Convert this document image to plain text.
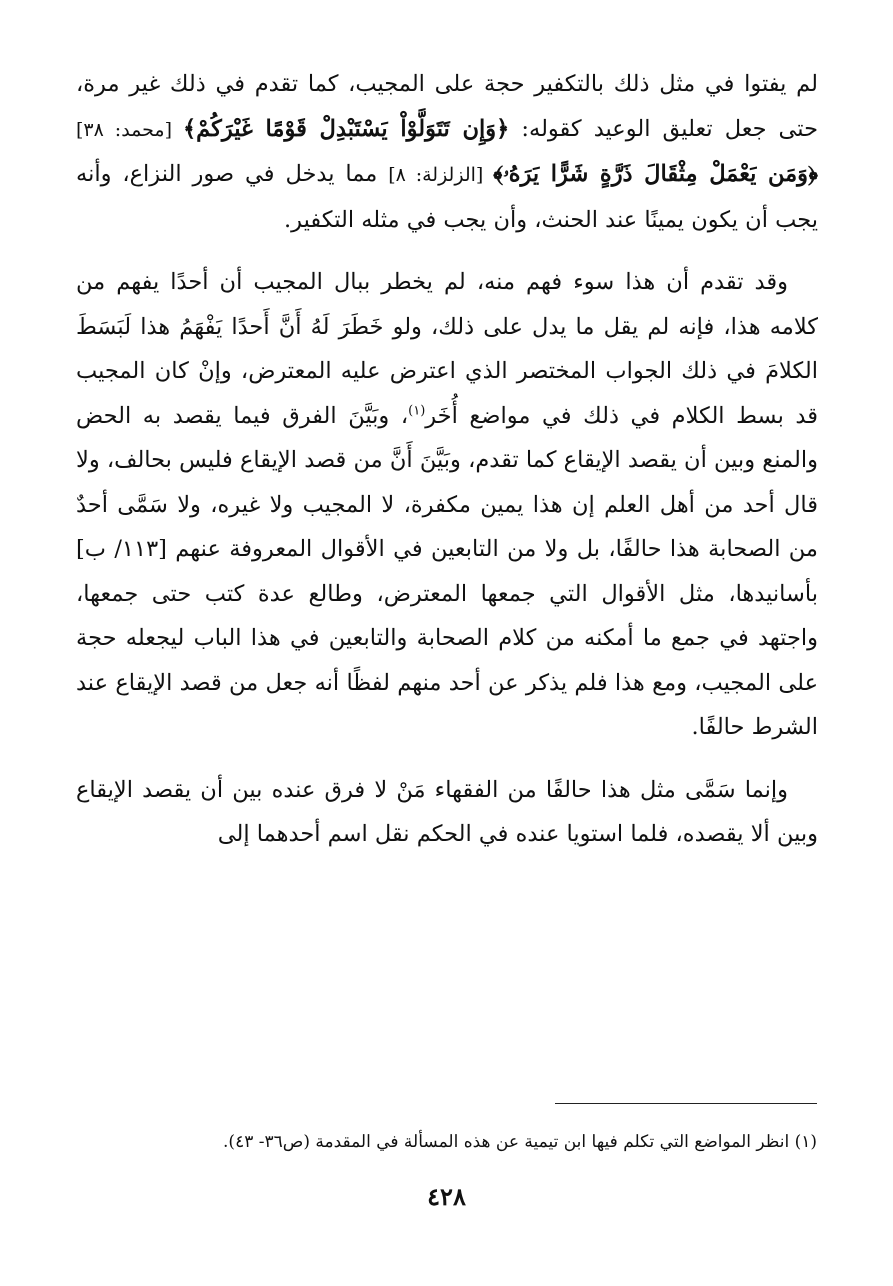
لم يفتوا في مثل ذلك بالتكفير حجة على المجيب، كما تقدم في ذلك غير مرة، حتى جعل تعليق الوعيد كقوله: ﴿وَإِن تَتَوَلَّوْاْ يَسْتَبْدِلْ قَوْمًا غَيْرَكُمْ﴾ [محمد: ٣٨] ﴿وَمَن يَعْمَلْ مِثْقَالَ ذَرَّةٍ شَرًّا يَرَهُۥ﴾ [الزلزلة: ٨] مما يدخل في صور النزاع، وأنه يجب أن يكون يمينًا عند الحنث، وأن يجب في مثله التكفير.

وقد تقدم أن هذا سوء فهم منه، لم يخطر ببال المجيب أن أحدًا يفهم من كلامه هذا، فإنه لم يقل ما يدل على ذلك، ولو خَطَرَ لَهُ أَنَّ أَحدًا يَفْهَمُ هذا لَبَسَطَ الكلامَ في ذلك الجواب المختصر الذي اعترض عليه المعترض، وإنْ كان المجيب قد بسط الكلام في ذلك في مواضع أُخَر$^{(١)}$، وبَيَّنَ الفرق فيما يقصد به الحض والمنع وبين أن يقصد الإيقاع كما تقدم، وبَيَّنَ أَنَّ من قصد الإيقاع فليس بحالف، ولا قال أحد من أهل العلم إن هذا يمين مكفرة، لا المجيب ولا غيره، ولا سَمَّى أحدٌ من الصحابة هذا حالفًا، بل ولا من التابعين في الأقوال المعروفة عنهم [١١٣/ ب] بأسانيدها، مثل الأقوال التي جمعها المعترض، وطالع عدة كتب حتى جمعها، واجتهد في جمع ما أمكنه من كلام الصحابة والتابعين في هذا الباب ليجعله حجة على المجيب، ومع هذا فلم يذكر عن أحد منهم لفظًا أنه جعل من قصد الإيقاع عند الشرط حالفًا.

وإنما سَمَّى مثل هذا حالفًا من الفقهاء مَنْ لا فرق عنده بين أن يقصد الإيقاع وبين ألا يقصده، فلما استويا عنده في الحكم نقل اسم أحدهما إلى

(١) انظر المواضع التي تكلم فيها ابن تيمية عن هذه المسألة في المقدمة (ص٣٦- ٤٣).

٤٢٨
